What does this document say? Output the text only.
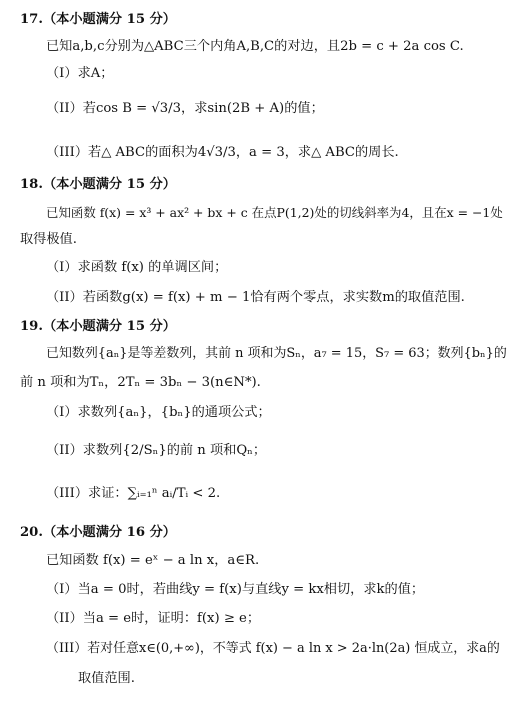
17.（本小题满分 15 分）
已知a,b,c分别为△ABC三个内角A,B,C的对边，且2b = c + 2a cos C.
（I）求A；
（II）若cos B = √3/3，求sin(2B + A)的值；
（III）若△ ABC的面积为4√3/3，a = 3，求△ ABC的周长.
18.（本小题满分 15 分）
已知函数 f(x) = x³ + ax² + bx + c 在点P(1,2)处的切线斜率为4，且在x = −1处
取得极值.
（I）求函数 f(x) 的单调区间；
（II）若函数g(x) = f(x) + m − 1恰有两个零点，求实数m的取值范围.
19.（本小题满分 15 分）
已知数列{aₙ}是等差数列，其前 n 项和为Sₙ，a₇ = 15，S₇ = 63；数列{bₙ}的
前 n 项和为Tₙ，2Tₙ = 3bₙ − 3(n∈N*).
（I）求数列{aₙ}，{bₙ}的通项公式；
（II）求数列{2/Sₙ}的前 n 项和Qₙ；
（III）求证：∑ᵢ₌₁ⁿ aᵢ/Tᵢ < 2.
20.（本小题满分 16 分）
已知函数 f(x) = eˣ − a ln x，a∈R.
（I）当a = 0时，若曲线y = f(x)与直线y = kx相切，求k的值；
（II）当a = e时，证明：f(x) ≥ e；
（III）若对任意x∈(0,+∞)，不等式 f(x) − a ln x > 2a·ln(2a) 恒成立，求a的
取值范围.
